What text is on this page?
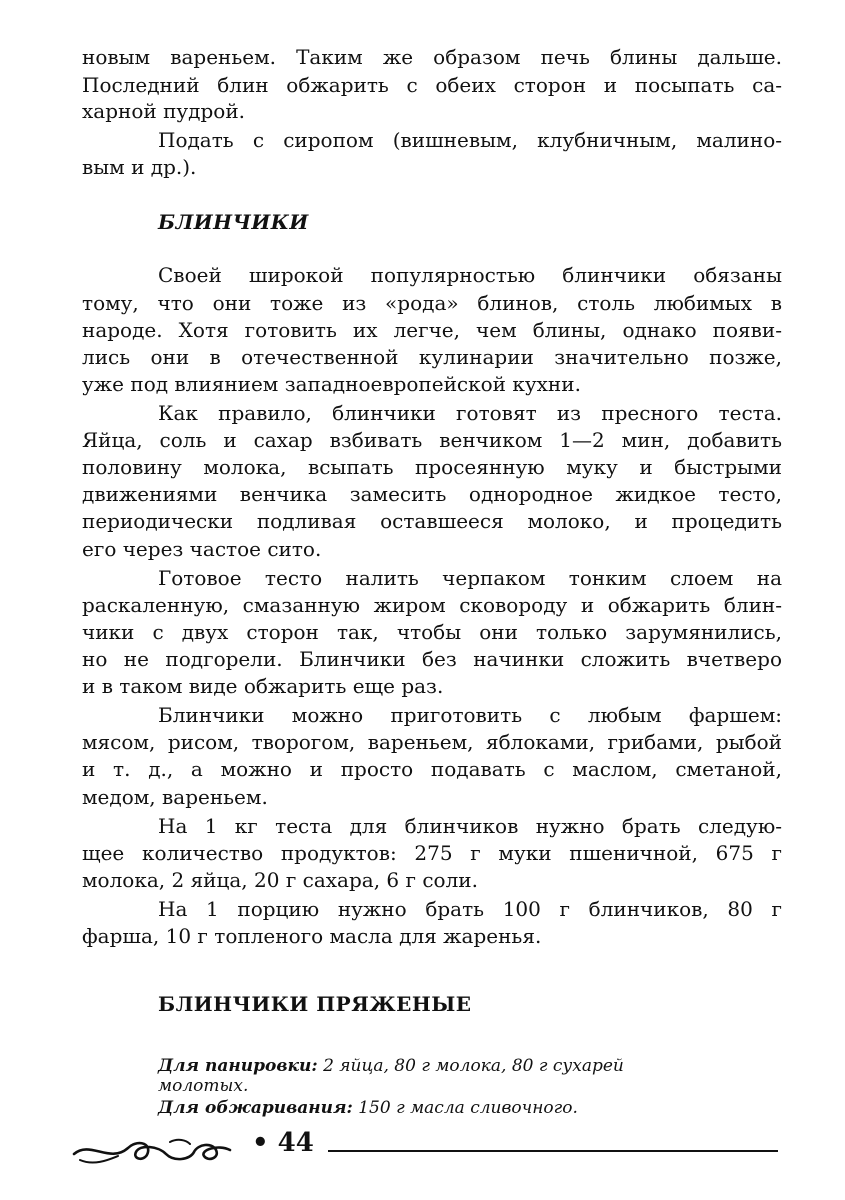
новым вареньем. Таким же образом печь блины дальше.
Последний блин обжарить с обеих сторон и посыпать са-
харной пудрой.
Подать с сиропом (вишневым, клубничным, малино-
вым и др.).
БЛИНЧИКИ
Своей широкой популярностью блинчики обязаны
тому, что они тоже из «рода» блинов, столь любимых в
народе. Хотя готовить их легче, чем блины, однако появи-
лись они в отечественной кулинарии значительно позже,
уже под влиянием западноевропейской кухни.
Как правило, блинчики готовят из пресного теста.
Яйца, соль и сахар взбивать венчиком 1—2 мин, добавить
половину молока, всыпать просеянную муку и быстрыми
движениями венчика замесить однородное жидкое тесто,
периодически подливая оставшееся молоко, и процедить
его через частое сито.
Готовое тесто налить черпаком тонким слоем на
раскаленную, смазанную жиром сковороду и обжарить блин-
чики с двух сторон так, чтобы они только зарумянились,
но не подгорели. Блинчики без начинки сложить вчетверо
и в таком виде обжарить еще раз.
Блинчики можно приготовить с любым фаршем:
мясом, рисом, творогом, вареньем, яблоками, грибами, рыбой
и т. д., а можно и просто подавать с маслом, сметаной,
медом, вареньем.
На 1 кг теста для блинчиков нужно брать следую-
щее количество продуктов: 275 г муки пшеничной, 675 г
молока, 2 яйца, 20 г сахара, 6 г соли.
На 1 порцию нужно брать 100 г блинчиков, 80 г
фарша, 10 г топленого масла для жаренья.
БЛИНЧИКИ ПРЯЖЕНЫЕ
Для панировки: 2 яйца, 80 г молока, 80 г сухарей
молотых.
Для обжаривания: 150 г масла сливочного.
• 44
